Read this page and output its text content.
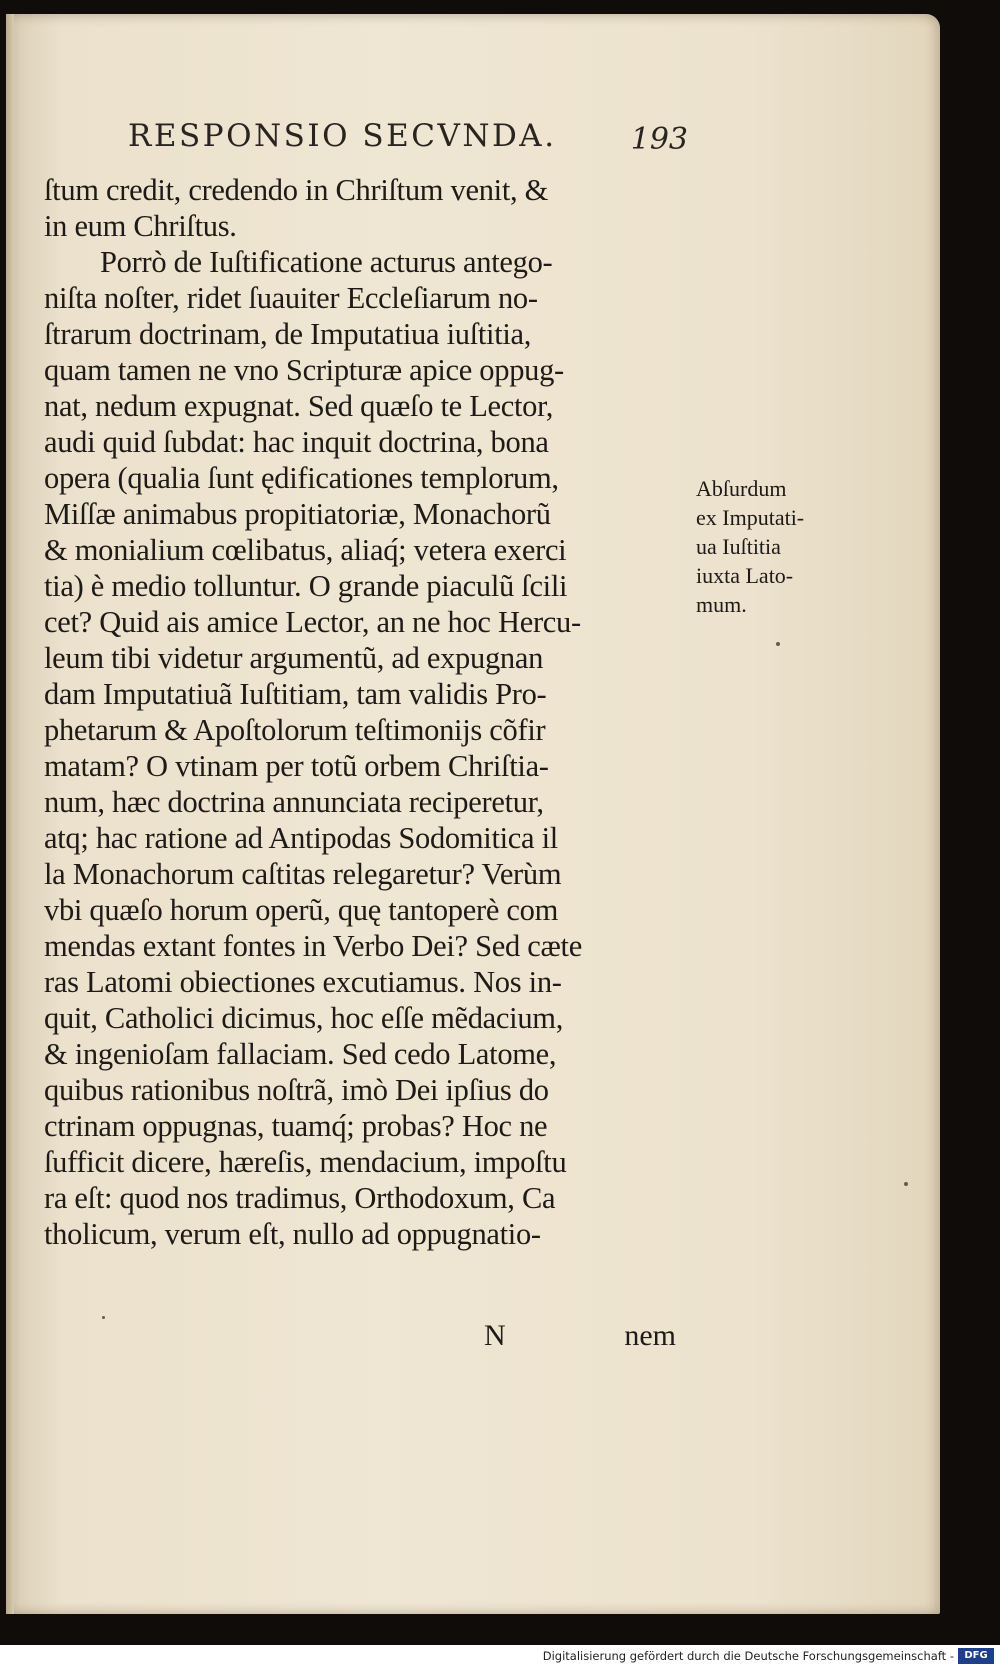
RESPONSIO SECVNDA. 193
ſtum credit, credendo in Chriſtum venit, &
in eum Chriſtus.
Porrò de Iuſtificatione acturus antego-
niſta noſter, ridet ſuauiter Eccleſiarum no-
ſtrarum doctrinam, de Imputatiua iuſtitia,
quam tamen ne vno Scripturæ apice oppug-
nat, nedum expugnat. Sed quæſo te Lector,
audi quid ſubdat: hac inquit doctrina, bona
opera (qualia ſunt ędificationes templorum,
Miſſæ animabus propitiatoriæ, Monachorũ
& monialium cœlibatus, aliaq́; vetera exerci
tia) è medio tolluntur. O grande piaculũ ſcili
cet? Quid ais amice Lector, an ne hoc Hercu-
leum tibi videtur argumentũ, ad expugnan
dam Imputatiuã Iuſtitiam, tam validis Pro-
phetarum & Apoſtolorum teſtimonijs cõfir
matam? O vtinam per totũ orbem Chriſtia-
num, hæc doctrina annunciata reciperetur,
atq; hac ratione ad Antipodas Sodomitica il
la Monachorum caſtitas relegaretur? Verùm
vbi quæſo horum operũ, quę tantoperè com
mendas extant fontes in Verbo Dei? Sed cæte
ras Latomi obiectiones excutiamus. Nos in-
quit, Catholici dicimus, hoc eſſe mẽdacium,
& ingenioſam fallaciam. Sed cedo Latome,
quibus rationibus noſtrã, imò Dei ipſius do
ctrinam oppugnas, tuamq́; probas? Hoc ne
ſufficit dicere, hæreſis, mendacium, impoſtu
ra eſt: quod nos tradimus, Orthodoxum, Ca
tholicum, verum eſt, nullo ad oppugnatio-
N	nem
Abſurdum
ex Imputati-
ua Iuſtitia
iuxta Lato-
mum.
Digitalisierung gefördert durch die Deutsche Forschungsgemeinschaft -	DFG
